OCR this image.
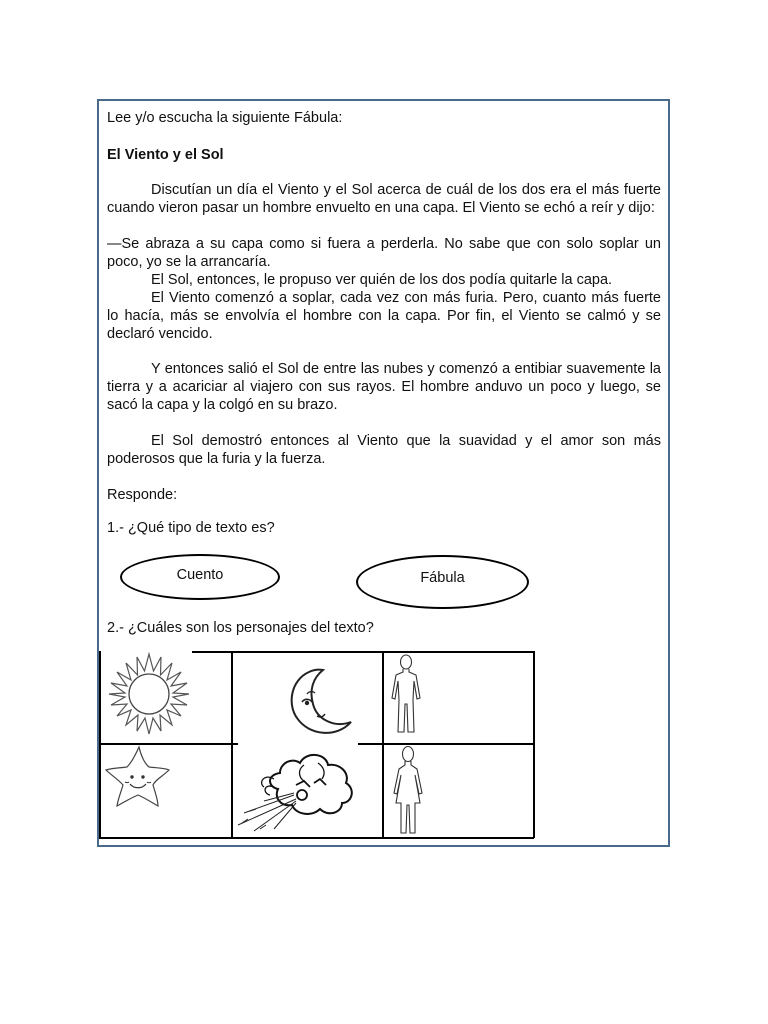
Lee y/o escucha la siguiente Fábula:
El Viento y el Sol
Discutían un día el Viento y el Sol acerca de cuál de los dos era el más fuerte cuando vieron pasar un hombre envuelto en una capa. El Viento se echó a reír y dijo:
—Se abraza a su capa como si fuera a perderla. No sabe que con solo soplar un poco, yo se la arrancaría.
El Sol, entonces, le propuso ver quién de los dos podía quitarle la capa.
El Viento comenzó a soplar, cada vez con más furia. Pero, cuanto más fuerte lo hacía, más se envolvía el hombre con la capa. Por fin, el Viento se calmó y se declaró vencido.
Y entonces salió el Sol de entre las nubes y comenzó a entibiar suavemente la tierra y a acariciar al viajero con sus rayos. El hombre anduvo un poco y luego, se sacó la capa y la colgó en su brazo.
El Sol demostró entonces al Viento que la suavidad y el amor son más poderosos que la furia y la fuerza.
Responde:
1.- ¿Qué tipo de texto es?
Cuento	Fábula
2.- ¿Cuáles son los personajes del texto?
